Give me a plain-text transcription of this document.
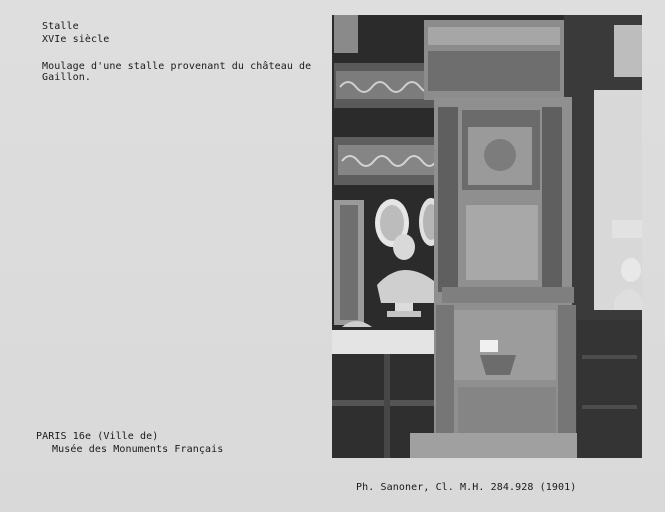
Stalle
XVIe siècle
Moulage d'une stalle provenant du château de
Gaillon.
PARIS 16e (Ville de)
Musée des Monuments Français
Ph. Sanoner, Cl. M.H. 284.928 (1901)
